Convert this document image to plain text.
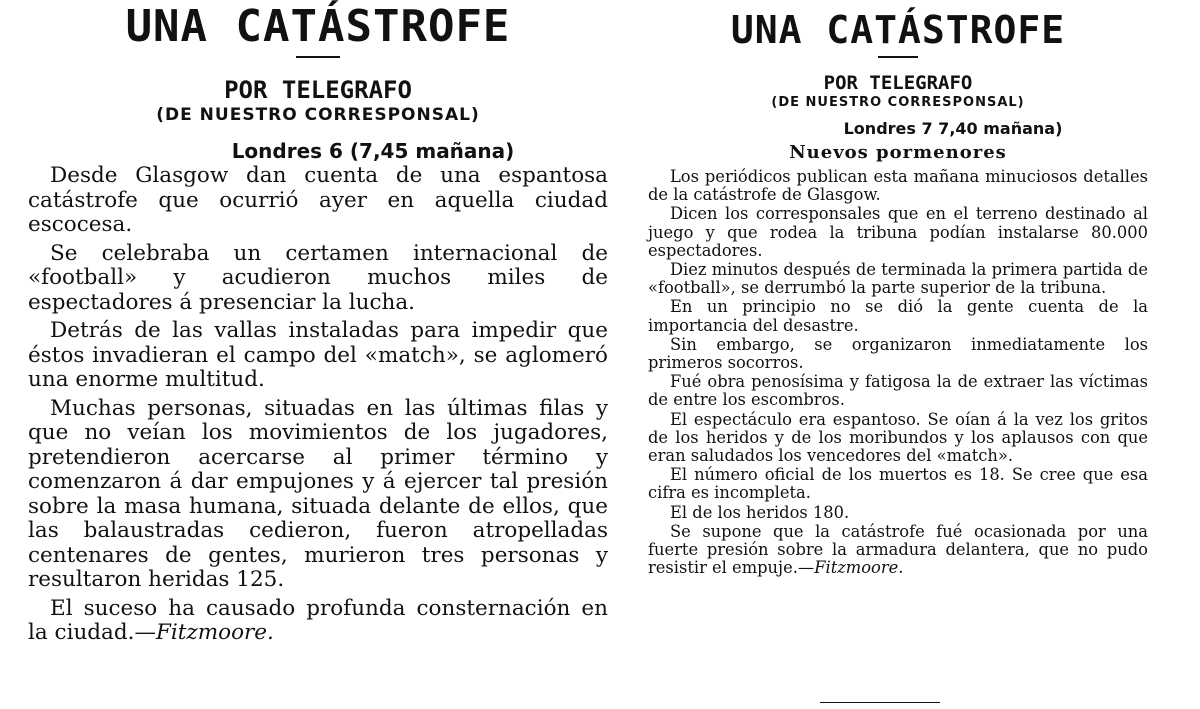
UNA CATÁSTROFE

POR TELEGRAFO

(DE NUESTRO CORRESPONSAL)

Londres 6 (7,45 mañana)

Desde Glasgow dan cuenta de una espantosa catástrofe que ocurrió ayer en aquella ciudad escocesa.

Se celebraba un certamen internacional de «football» y acudieron muchos miles de espectadores á presenciar la lucha.

Detrás de las vallas instaladas para impedir que éstos invadieran el campo del «match», se aglomeró una enorme multitud.

Muchas personas, situadas en las últimas filas y que no veían los movimientos de los jugadores, pretendieron acercarse al primer término y comenzaron á dar empujones y á ejercer tal presión sobre la masa humana, situada delante de ellos, que las balaustradas cedieron, fueron atropelladas centenares de gentes, murieron tres personas y resultaron heridas 125.

El suceso ha causado profunda consternación en la ciudad.—Fitzmoore.

UNA CATÁSTROFE

POR TELEGRAFO

(DE NUESTRO CORRESPONSAL)

Londres 7 7,40 mañana)

Nuevos pormenores

Los periódicos publican esta mañana minuciosos detalles de la catástrofe de Glasgow.

Dicen los corresponsales que en el terreno destinado al juego y que rodea la tribuna podían instalarse 80.000 espectadores.

Diez minutos después de terminada la primera partida de «football», se derrumbó la parte superior de la tribuna.

En un principio no se dió la gente cuenta de la importancia del desastre.

Sin embargo, se organizaron inmediatamente los primeros socorros.

Fué obra penosísima y fatigosa la de extraer las víctimas de entre los escombros.

El espectáculo era espantoso. Se oían á la vez los gritos de los heridos y de los moribundos y los aplausos con que eran saludados los vencedores del «match».

El número oficial de los muertos es 18. Se cree que esa cifra es incompleta.

El de los heridos 180.

Se supone que la catástrofe fué ocasionada por una fuerte presión sobre la armadura delantera, que no pudo resistir el empuje.—Fitzmoore.
